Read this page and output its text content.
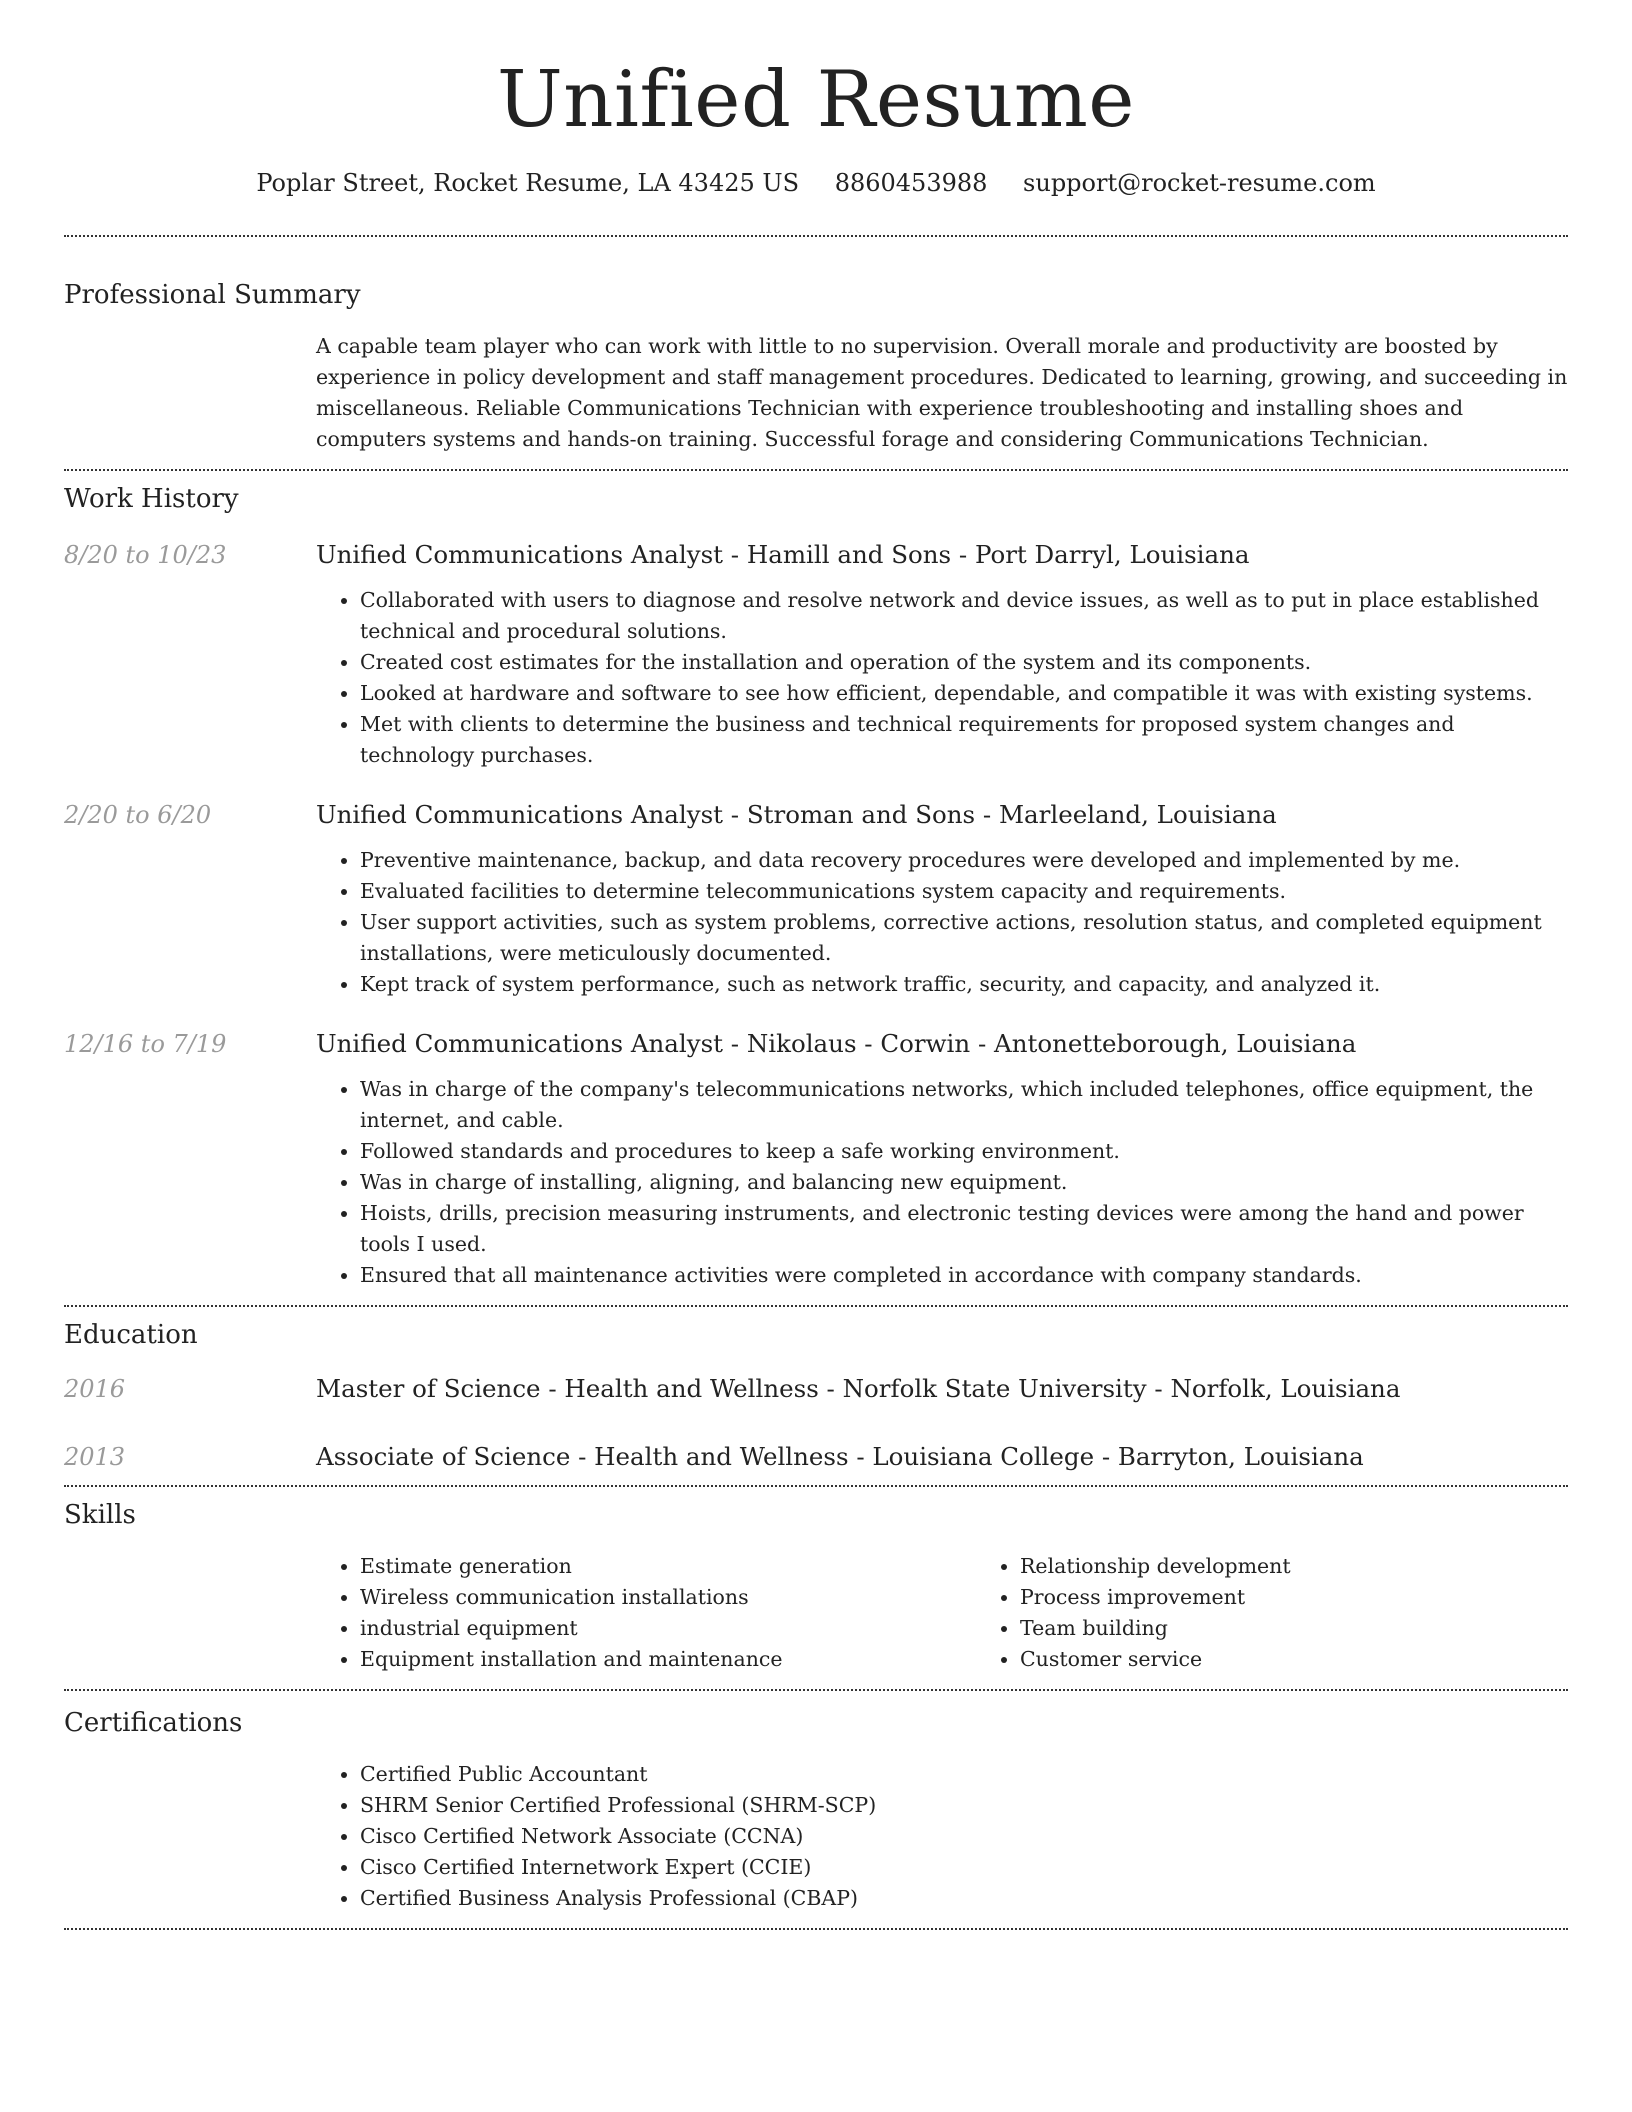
Unified Resume
Poplar Street, Rocket Resume, LA 43425 US 8860453988 support@rocket-resume.com
Professional Summary

A capable team player who can work with little to no supervision. Overall morale and productivity are boosted by experience in policy development and staff management procedures. Dedicated to learning, growing, and succeeding in miscellaneous. Reliable Communications Technician with experience troubleshooting and installing shoes and computers systems and hands-on training. Successful forage and considering Communications Technician.

Work History
8/20 to 10/23	Unified Communications Analyst - Hamill and Sons - Port Darryl, Louisiana

• Collaborated with users to diagnose and resolve network and device issues, as well as to put in place established technical and procedural solutions.
• Created cost estimates for the installation and operation of the system and its components.
• Looked at hardware and software to see how efficient, dependable, and compatible it was with existing systems.
• Met with clients to determine the business and technical requirements for proposed system changes and technology purchases.
2/20 to 6/20	Unified Communications Analyst - Stroman and Sons - Marleeland, Louisiana

• Preventive maintenance, backup, and data recovery procedures were developed and implemented by me.
• Evaluated facilities to determine telecommunications system capacity and requirements.
• User support activities, such as system problems, corrective actions, resolution status, and completed equipment installations, were meticulously documented.
• Kept track of system performance, such as network traffic, security, and capacity, and analyzed it.
12/16 to 7/19	Unified Communications Analyst - Nikolaus - Corwin - Antonetteborough, Louisiana

• Was in charge of the company's telecommunications networks, which included telephones, office equipment, the internet, and cable.
• Followed standards and procedures to keep a safe working environment.
• Was in charge of installing, aligning, and balancing new equipment.
• Hoists, drills, precision measuring instruments, and electronic testing devices were among the hand and power tools I used.
• Ensured that all maintenance activities were completed in accordance with company standards.
Education
2016	Master of Science - Health and Wellness - Norfolk State University - Norfolk, Louisiana

2013	Associate of Science - Health and Wellness - Louisiana College - Barryton, Louisiana

Skills
• Estimate generation
• Wireless communication installations
• industrial equipment
• Equipment installation and maintenance
• Relationship development
• Process improvement
• Team building
• Customer service
Certifications
• Certified Public Accountant
• SHRM Senior Certified Professional (SHRM-SCP)
• Cisco Certified Network Associate (CCNA)
• Cisco Certified Internetwork Expert (CCIE)
• Certified Business Analysis Professional (CBAP)
